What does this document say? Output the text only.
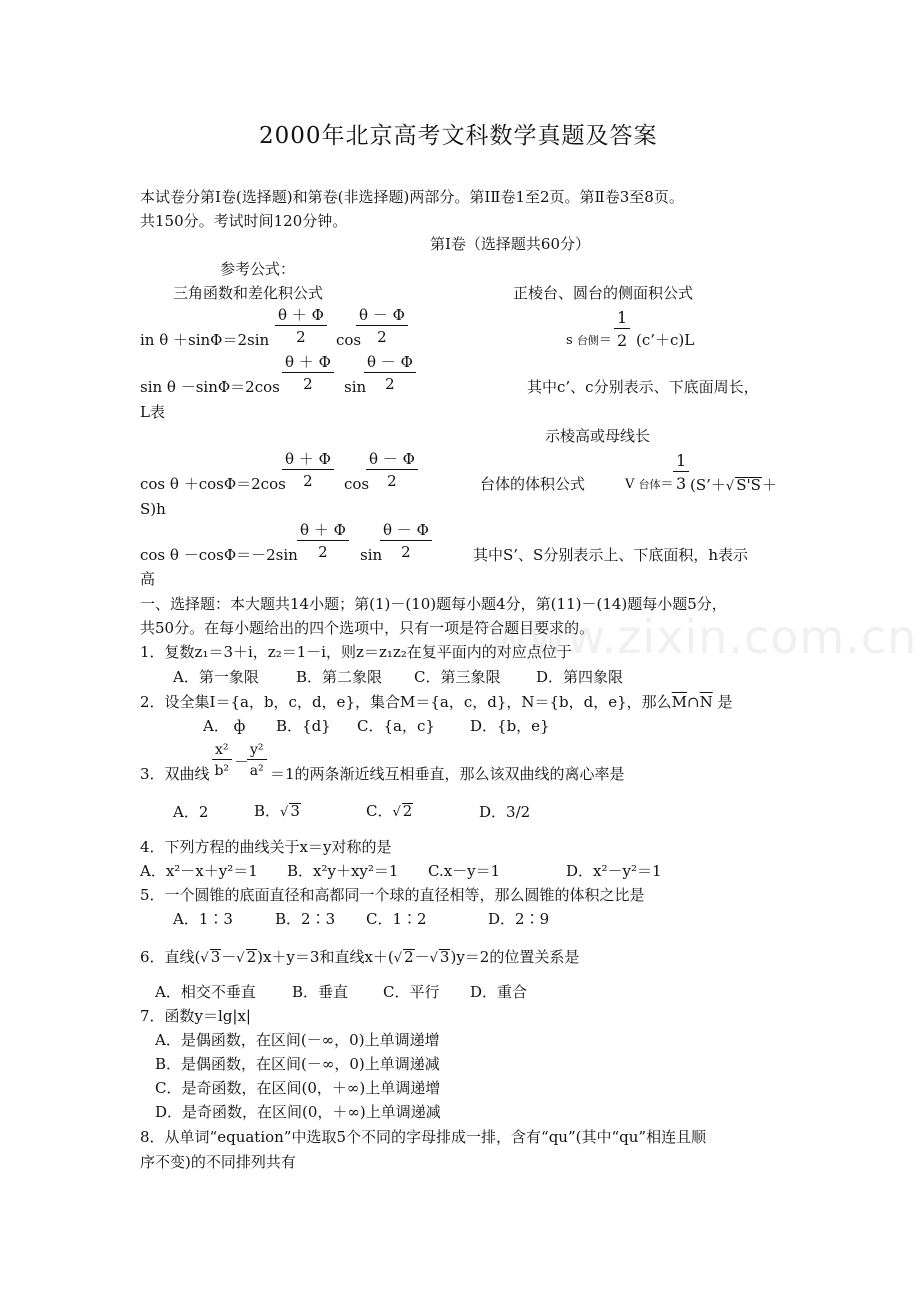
www.zixin.com.cn
2000年北京高考文科数学真题及答案
本试卷分第Ⅰ卷(选择题)和第卷(非选择题)两部分。第ⅠⅡ卷1至2页。第Ⅱ卷3至8页。
共150分。考试时间120分钟。
第Ⅰ卷（选择题共60分）
参考公式：
三角函数和差化积公式	正棱台、圆台的侧面积公式
$\frac{\theta + \Phi}{2} \frac{\theta - \Phi}{2}$
in θ ＋sinΦ＝2sin	cos	s 台侧＝ $\frac{1}{2}$ (c’＋c)L
$\frac{\theta + \Phi}{2} \frac{\theta - \Phi}{2}$
sin θ －sinΦ＝2cos	sin	其中c’、c分别表示、下底面周长，
L表
示棱高或母线长
$\frac{\theta + \Phi}{2} \frac{\theta - \Phi}{2}$
cos θ ＋cosΦ＝2cos	cos	台体的体积公式	V 台体＝ $\frac{1}{3}$ (S’＋√ S'S＋
S)h
$\frac{\theta + \Phi}{2} \frac{\theta - \Phi}{2}$
cos θ －cosΦ＝－2sin	sin	其中S’、S分别表示上、下底面积，h表示
高
一、选择题：本大题共14小题；第(1)－(10)题每小题4分，第(11)－(14)题每小题5分，
共50分。在每小题给出的四个选项中，只有一项是符合题目要求的。
1．复数z₁＝3＋i，z₂＝1－i，则z＝z₁z₂在复平面内的对应点位于
A．第一象限 B．第二象限 C．第三象限 D．第四象限
2．设全集I＝{a，b，c，d，e}，集合M＝{a，c，d}，N＝{b，d，e}，那么$\overline{M}\cap\overline{N}$ 是
A． ф B．{d} C．{a，c} D．{b，e}
3．双曲线 $\frac{\text{x²}}{\text{b²}}$ －
$\frac{\text{y²}}{\text{a²}} =1$的两条渐近线互相垂直，那么该双曲线的离心率是
A．2	B．√ 3	C．√ 2	D．3/2
4．下列方程的曲线关于x＝y对称的是
A．x²－x＋y²＝1 B．x²y＋xy²＝1 C.x－y＝1	D．x²－y²＝1
5．一个圆锥的底面直径和高都同一个球的直径相等，那么圆锥的体积之比是
A．1∶3	B．2∶3 C．1∶2	D．2∶9
6．直线(√ 3－√ 2)x＋y＝3和直线x＋(√ 2－√ 3)y＝2的位置关系是
A．相交不垂直 B．垂直 C．平行 D．重合
7．函数y＝lg|x|
A．是偶函数，在区间(－∞，0)上单调递增
B．是偶函数，在区间(－∞，0)上单调递减
C．是奇函数，在区间(0，＋∞)上单调递增
D．是奇函数，在区间(0，＋∞)上单调递减
8．从单词“equation”中选取5个不同的字母排成一排，含有“qu”(其中“qu”相连且顺
序不变)的不同排列共有
